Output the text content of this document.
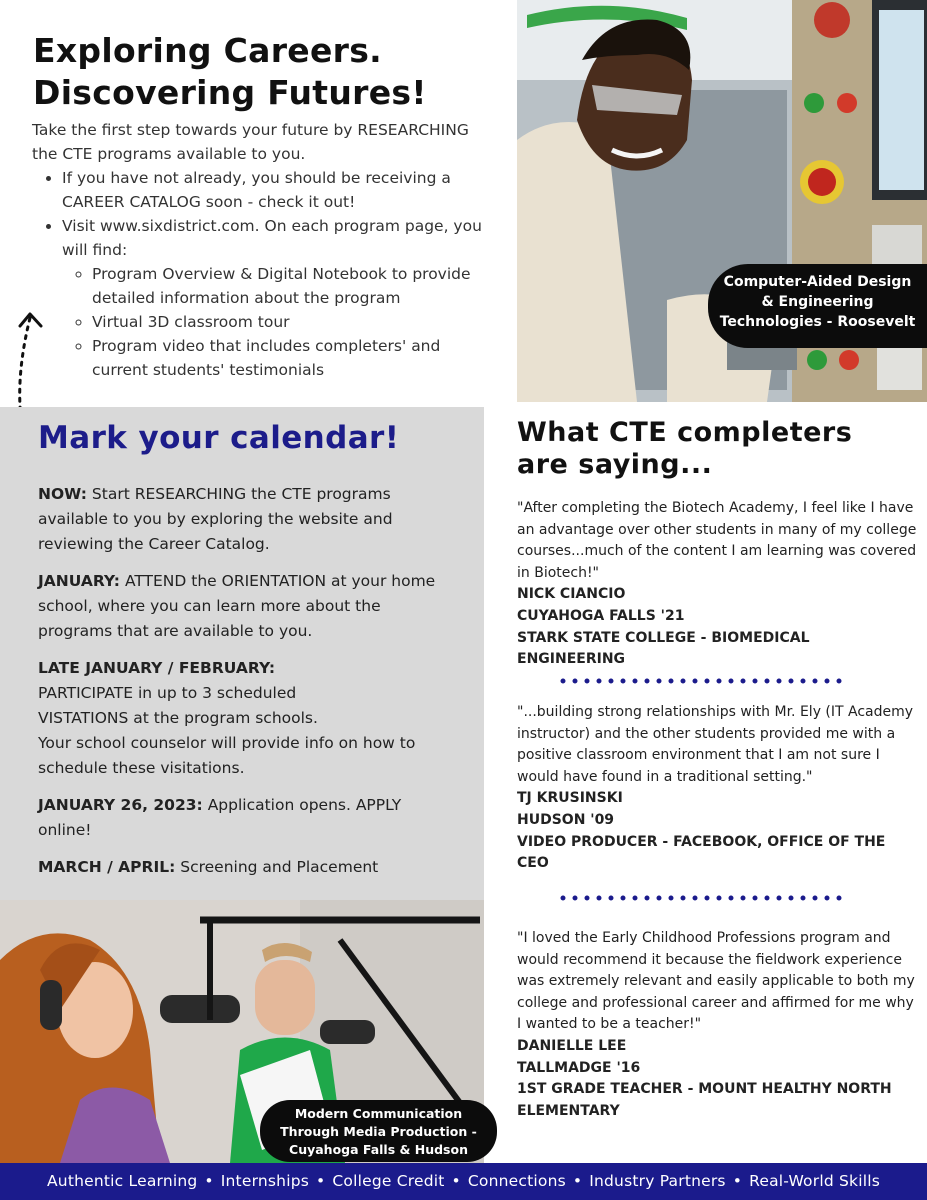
Exploring Careers.
Discovering Futures!

Take the first step towards your future by RESEARCHING the CTE programs available to you.

• If you have not already, you should be receiving a CAREER CATALOG soon - check it out!
• Visit www.sixdistrict.com. On each program page, you will find:
◦ Program Overview & Digital Notebook to provide detailed information about the program
◦ Virtual 3D classroom tour
◦ Program video that includes completers' and current students' testimonials
Computer-Aided Design
& Engineering
Technologies - Roosevelt
Mark your calendar!

NOW: Start RESEARCHING the CTE programs available to you by exploring the website and reviewing the Career Catalog.

JANUARY: ATTEND the ORIENTATION at your home school, where you can learn more about the programs that are available to you.

LATE JANUARY / FEBRUARY:
PARTICIPATE in up to 3 scheduled
VISTATIONS at the program schools.
Your school counselor will provide info on how to schedule these visitations.

JANUARY 26, 2023: Application opens. APPLY online!

MARCH / APRIL: Screening and Placement

Modern Communication
Through Media Production -
Cuyahoga Falls & Hudson
What CTE completers
are saying...

"After completing the Biotech Academy, I feel like I have an advantage over other students in many of my college courses...much of the content I am learning was covered in Biotech!"

NICK CIANCIO
CUYAHOGA FALLS '21
STARK STATE COLLEGE - BIOMEDICAL ENGINEERING

"...building strong relationships with Mr. Ely (IT Academy instructor) and the other students provided me with a positive classroom environment that I am not sure I would have found in a traditional setting."

TJ KRUSINSKI
HUDSON '09
VIDEO PRODUCER - FACEBOOK, OFFICE OF THE CEO

"I loved the Early Childhood Professions program and would recommend it because the fieldwork experience was extremely relevant and easily applicable to both my college and professional career and affirmed for me why I wanted to be a teacher!"

DANIELLE LEE
TALLMADGE '16
1ST GRADE TEACHER - MOUNT HEALTHY NORTH ELEMENTARY
Authentic Learning • Internships • College Credit • Connections • Industry Partners • Real-World Skills
